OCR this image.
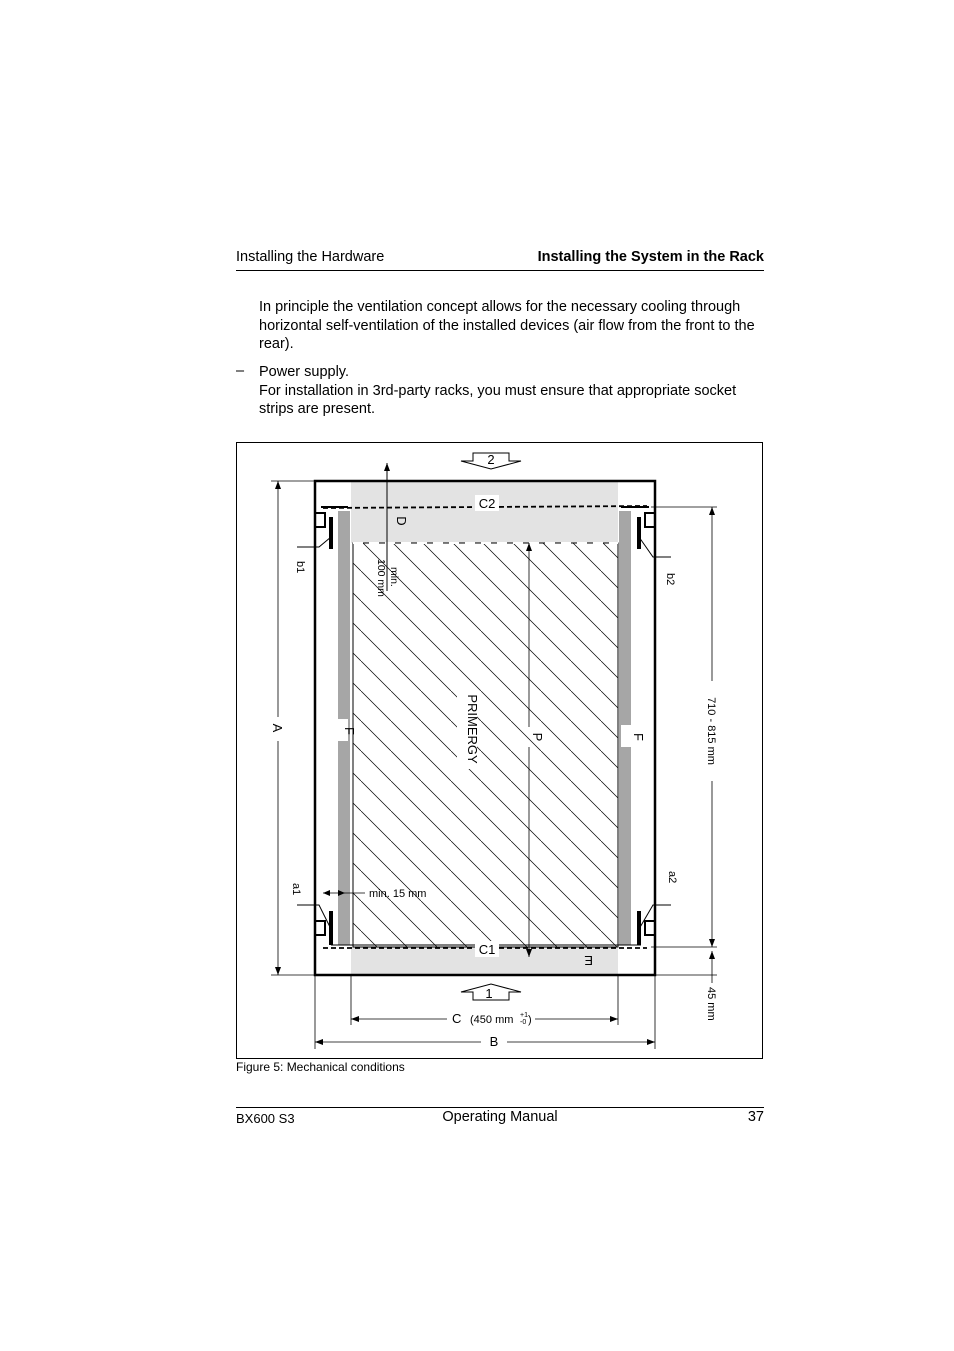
Installing the Hardware	Installing the System in the Rack

In principle the ventilation concept allows for the necessary cooling through horizontal self-ventilation of the installed devices (air flow from the front to the rear).

– Power supply.
For installation in 3rd-party racks, you must ensure that appropriate socket strips are present.
2
1
C2
C1
D
min.
100 mm
b1
b2
a1
a2
A	F
F
PRIMERGY	P	710 - 815 mm
45 mm
min. 15 mm
E
C (450 mm +1
-0 )
B
Figure 5: Mechanical conditions
BX600 S3	Operating Manual	37
